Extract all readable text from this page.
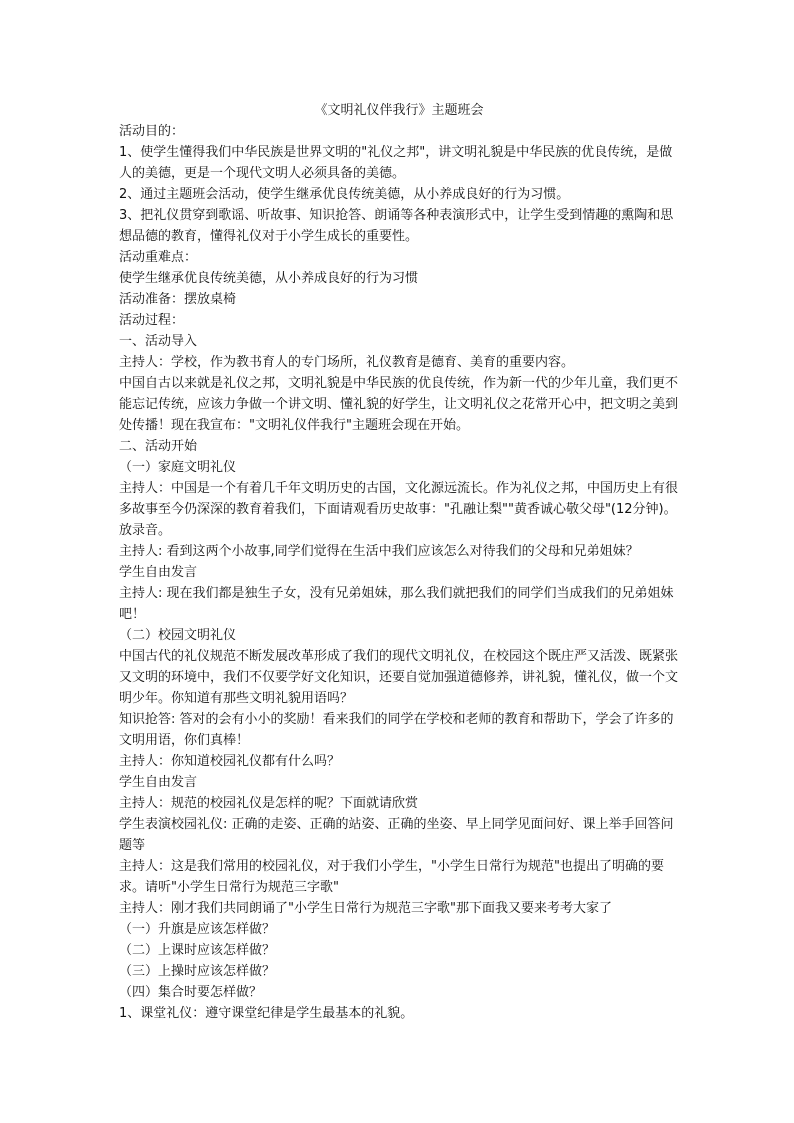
《文明礼仪伴我行》主题班会

活动目的：

1、使学生懂得我们中华民族是世界文明的"礼仪之邦"，讲文明礼貌是中华民族的优良传统，是做人的美德，更是一个现代文明人必须具备的美德。

2、通过主题班会活动，使学生继承优良传统美德，从小养成良好的行为习惯。

3、把礼仪贯穿到歌谣、听故事、知识抢答、朗诵等各种表演形式中，让学生受到情趣的熏陶和思想品德的教育，懂得礼仪对于小学生成长的重要性。

活动重难点：

使学生继承优良传统美德，从小养成良好的行为习惯

活动准备：摆放桌椅

活动过程：

一、活动导入

主持人：学校，作为教书育人的专门场所，礼仪教育是德育、美育的重要内容。

中国自古以来就是礼仪之邦，文明礼貌是中华民族的优良传统，作为新一代的少年儿童，我们更不能忘记传统，应该力争做一个讲文明、懂礼貌的好学生，让文明礼仪之花常开心中，把文明之美到处传播！现在我宣布："文明礼仪伴我行"主题班会现在开始。

二、活动开始

（一）家庭文明礼仪

主持人：中国是一个有着几千年文明历史的古国，文化源远流长。作为礼仪之邦，中国历史上有很多故事至今仍深深的教育着我们，下面请观看历史故事："孔融让梨""黄香诚心敬父母"(12分钟)。放录音。

主持人: 看到这两个小故事,同学们觉得在生活中我们应该怎么对待我们的父母和兄弟姐妹？

学生自由发言

主持人: 现在我们都是独生子女，没有兄弟姐妹，那么我们就把我们的同学们当成我们的兄弟姐妹吧！

（二）校园文明礼仪

中国古代的礼仪规范不断发展改革形成了我们的现代文明礼仪，在校园这个既庄严又活泼、既紧张又文明的环境中，我们不仅要学好文化知识，还要自觉加强道德修养，讲礼貌，懂礼仪，做一个文明少年。你知道有那些文明礼貌用语吗？

知识抢答: 答对的会有小小的奖励！看来我们的同学在学校和老师的教育和帮助下，学会了许多的文明用语，你们真棒！

主持人：你知道校园礼仪都有什么吗？

学生自由发言

主持人：规范的校园礼仪是怎样的呢？下面就请欣赏

学生表演校园礼仪: 正确的走姿、正确的站姿、正确的坐姿、早上同学见面问好、课上举手回答问题等

主持人：这是我们常用的校园礼仪，对于我们小学生，"小学生日常行为规范"也提出了明确的要求。请听"小学生日常行为规范三字歌"

主持人：刚才我们共同朗诵了"小学生日常行为规范三字歌"那下面我又要来考考大家了

（一）升旗是应该怎样做？

（二）上课时应该怎样做？

（三）上操时应该怎样做？

（四）集合时要怎样做？

1、课堂礼仪：遵守课堂纪律是学生最基本的礼貌。
